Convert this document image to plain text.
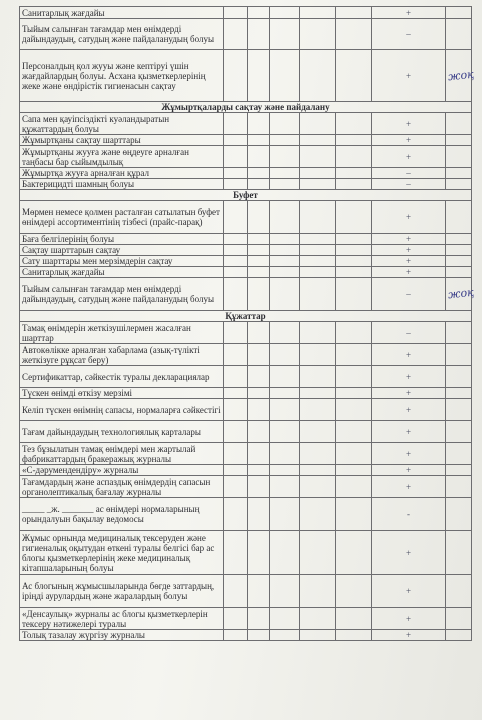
Санитарлық жағдайы						+	
Тыйым салынған тағамдар мен өнімдерді дайындаудың, сатудың және пайдаланудың болуы						–	
Персоналдың қол жууы және кептіруі үшін жағдайлардың болуы. Асхана қызметкерлерінің жеке және өндірістік гигиенасын сақтау						+	жоқ
Жұмыртқаларды сақтау және пайдалану							
Сапа мен қауіпсіздікті куәландыратын құжаттардың болуы						+	
Жұмыртқаны сақтау шарттары						+	
Жұмыртқаны жууға және өңдеуге арналған таңбасы бар сыйымдылық						+	
Жұмыртқа жууға арналған құрал						–	
Бактерицидті шамның болуы						–	
Буфет							
Мөрмен немесе қолмен расталған сатылатын буфет өнімдері ассортиментінің тізбесі (прайс-парақ)						+	
Баға белгілерінің болуы						+	
Сақтау шарттарын сақтау						+	
Сату шарттары мен мерзімдерін сақтау						+	
Санитарлық жағдайы						+	
Тыйым салынған тағамдар мен өнімдерді дайындаудың, сатудың және пайдаланудың болуы						–	жоқ
Құжаттар							
Тамақ өнімдерін жеткізушілермен жасалған шарттар						–	
Автокөлікке арналған хабарлама (азық-түлікті жеткізуге рұқсат беру)						+	
Сертификаттар, сәйкестік туралы декларациялар						+	
Түскен өнімді өткізу мерзімі						+	
Келіп түскен өнімнің сапасы, нормаларға сәйкестігі						+	
Тағам дайындаудың технологиялық карталары						+	
Тез бұзылатын тамақ өнімдері мен жартылай фабрикаттардың бракеражық журналы						+	
«С-дәрумендендіру» журналы						+	
Тағамдардың және аспаздық өнімдердің сапасын органолептикалық бағалау журналы						+	
_____ _ж. _______ ас өнімдері нормаларының орындалуын бақылау ведомосы						-	
Жұмыс орнында медициналық тексеруден және гигиеналық оқытудан өткені туралы белгісі бар ас блогы қызметкерлерінің жеке медициналық кітапшаларының болуы						+	
Ас блогының жұмысшыларында бөгде заттардың, іріңді аурулардың және жаралардың болуы						+	
«Денсаулық» журналы ас блогы қызметкерлерін тексеру нәтижелері туралы						+	
Толық тазалау жүргізу журналы						+	
